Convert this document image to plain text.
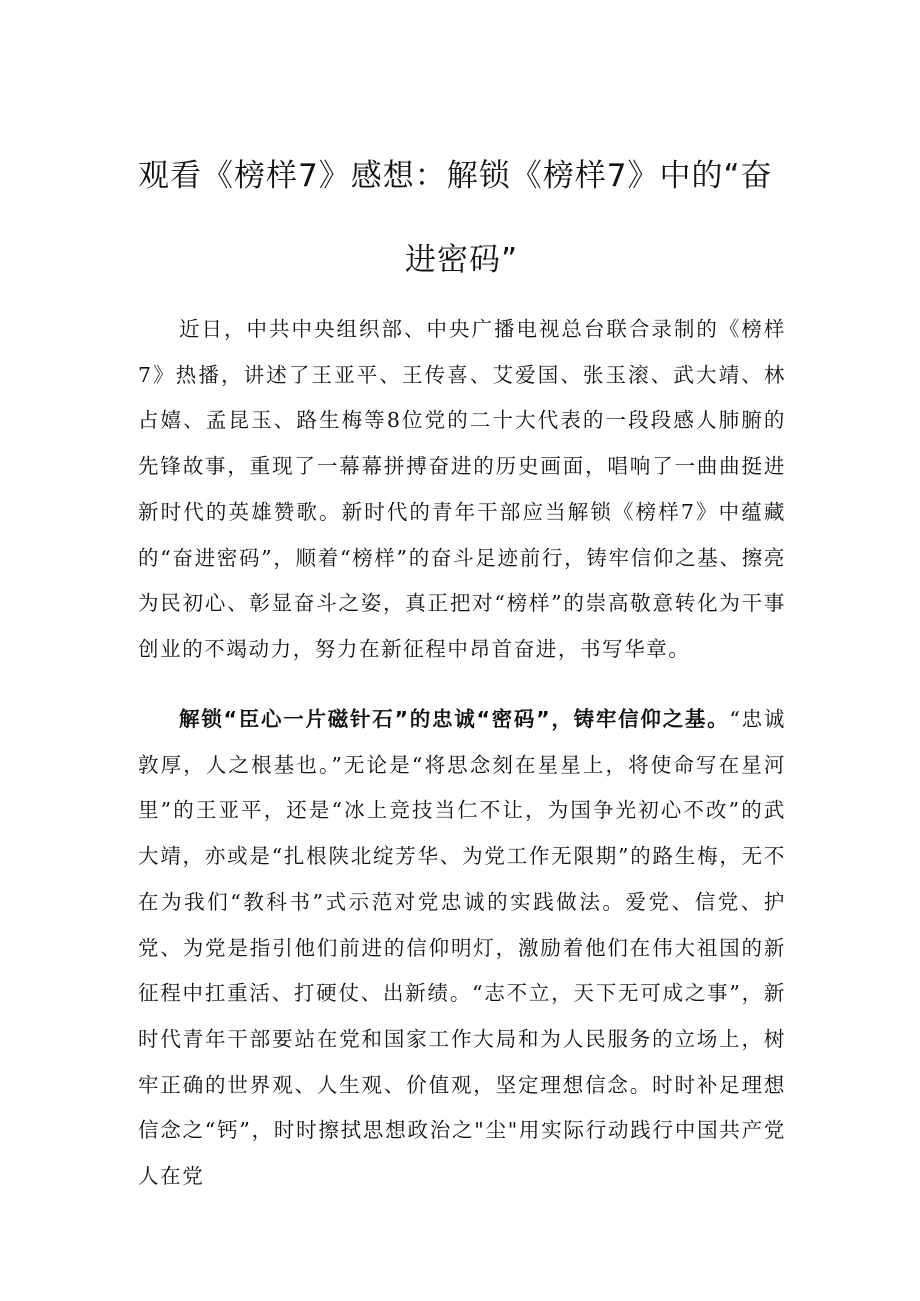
观看《榜样7》感想：解锁《榜样7》中的“奋
进密码”

近日，中共中央组织部、中央广播电视总台联合录制的《榜样7》热播，讲述了王亚平、王传喜、艾爱国、张玉滚、武大靖、林占嬉、孟昆玉、路生梅等8位党的二十大代表的一段段感人肺腑的先锋故事，重现了一幕幕拼搏奋进的历史画面，唱响了一曲曲挺进新时代的英雄赞歌。新时代的青年干部应当解锁《榜样7》中蕴藏的“奋进密码”，顺着“榜样”的奋斗足迹前行，铸牢信仰之基、擦亮为民初心、彰显奋斗之姿，真正把对“榜样”的崇高敬意转化为干事创业的不竭动力，努力在新征程中昂首奋进，书写华章。

解锁“臣心一片磁针石”的忠诚“密码”，铸牢信仰之基。“忠诚敦厚，人之根基也。”无论是“将思念刻在星星上，将使命写在星河里”的王亚平，还是“冰上竞技当仁不让，为国争光初心不改”的武大靖，亦或是“扎根陕北绽芳华、为党工作无限期”的路生梅，无不在为我们“教科书”式示范对党忠诚的实践做法。爱党、信党、护党、为党是指引他们前进的信仰明灯，激励着他们在伟大祖国的新征程中扛重活、打硬仗、出新绩。“志不立，天下无可成之事”，新时代青年干部要站在党和国家工作大局和为人民服务的立场上，树牢正确的世界观、人生观、价值观，坚定理想信念。时时补足理想信念之“钙”，时时擦拭思想政治之"尘"用实际行动践行中国共产党人在党
